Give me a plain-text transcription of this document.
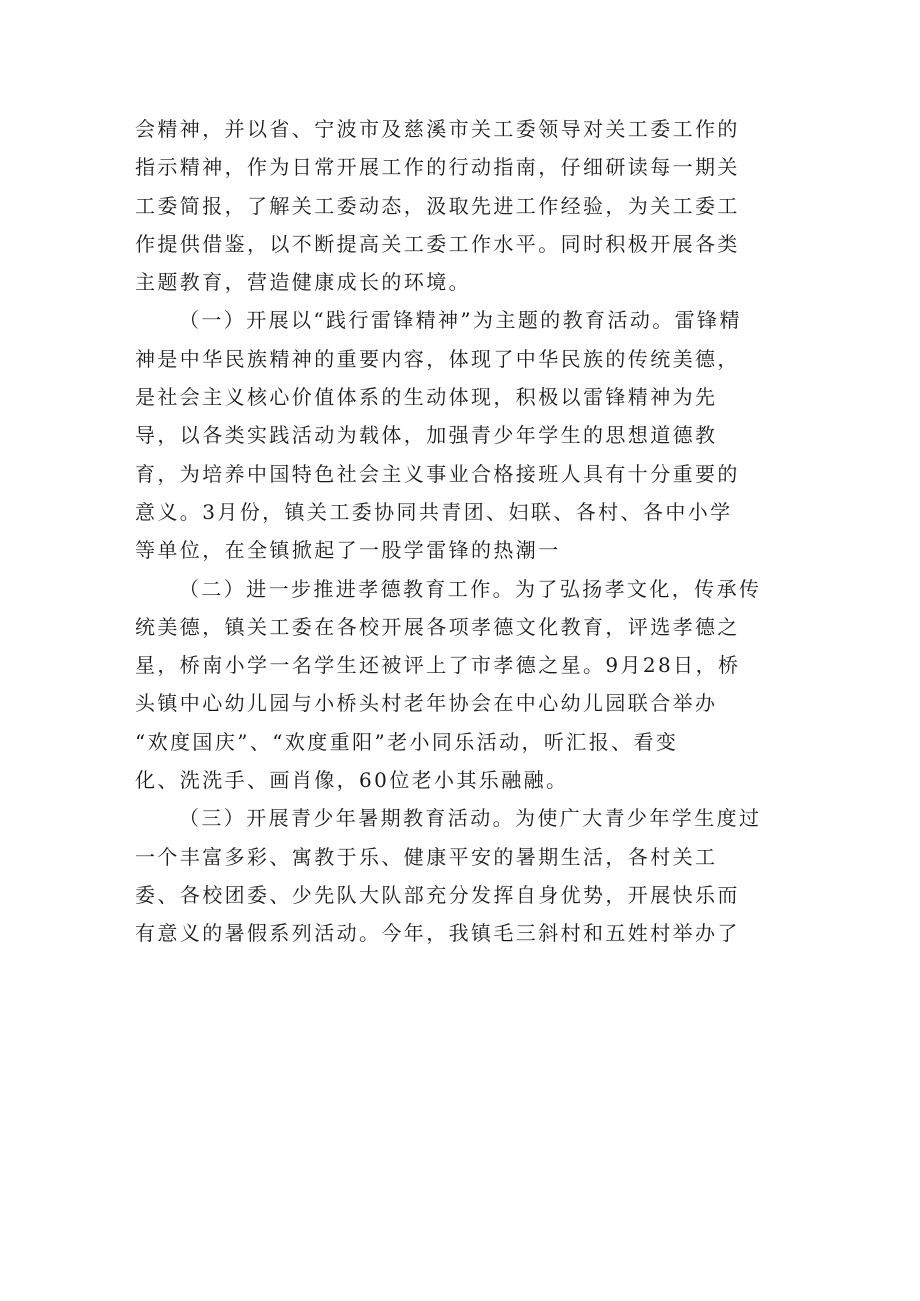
会精神，并以省、宁波市及慈溪市关工委领导对关工委工作的
指示精神，作为日常开展工作的行动指南，仔细研读每一期关
工委简报，了解关工委动态，汲取先进工作经验，为关工委工
作提供借鉴，以不断提高关工委工作水平。同时积极开展各类
主题教育，营造健康成长的环境。
（一）开展以“践行雷锋精神”为主题的教育活动。雷锋精
神是中华民族精神的重要内容，体现了中华民族的传统美德，
是社会主义核心价值体系的生动体现，积极以雷锋精神为先
导，以各类实践活动为载体，加强青少年学生的思想道德教
育，为培养中国特色社会主义事业合格接班人具有十分重要的
意义。3月份，镇关工委协同共青团、妇联、各村、各中小学
等单位，在全镇掀起了一股学雷锋的热潮一
（二）进一步推进孝德教育工作。为了弘扬孝文化，传承传
统美德，镇关工委在各校开展各项孝德文化教育，评选孝德之
星，桥南小学一名学生还被评上了市孝德之星。9月28日，桥
头镇中心幼儿园与小桥头村老年协会在中心幼儿园联合举办
“欢度国庆”、“欢度重阳”老小同乐活动，听汇报、看变
化、洗洗手、画肖像，60位老小其乐融融。
（三）开展青少年暑期教育活动。为使广大青少年学生度过
一个丰富多彩、寓教于乐、健康平安的暑期生活，各村关工
委、各校团委、少先队大队部充分发挥自身优势，开展快乐而
有意义的暑假系列活动。今年，我镇毛三斜村和五姓村举办了
